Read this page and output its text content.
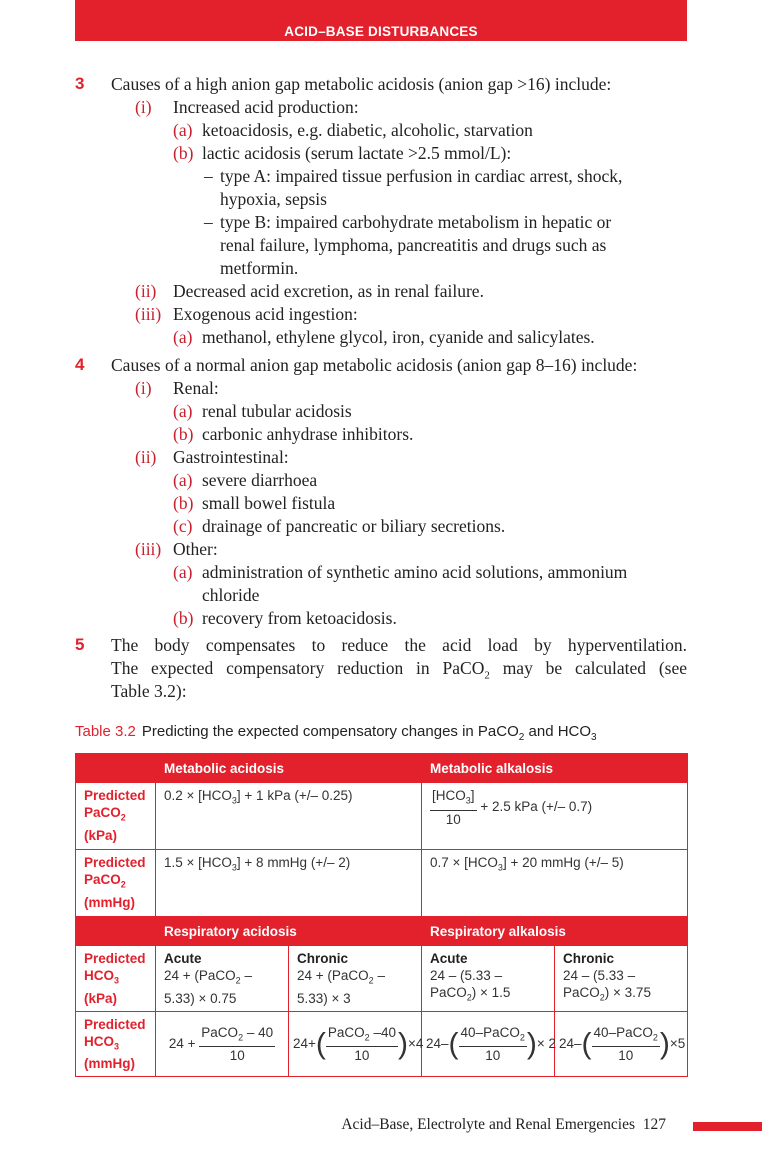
ACID–BASE DISTURBANCES
3 Causes of a high anion gap metabolic acidosis (anion gap >16) include:
(i) Increased acid production:
(a) ketoacidosis, e.g. diabetic, alcoholic, starvation
(b) lactic acidosis (serum lactate >2.5 mmol/L):
– type A: impaired tissue perfusion in cardiac arrest, shock,
hypoxia, sepsis
– type B: impaired carbohydrate metabolism in hepatic or
renal failure, lymphoma, pancreatitis and drugs such as
metformin.
(ii) Decreased acid excretion, as in renal failure.
(iii) Exogenous acid ingestion:
(a) methanol, ethylene glycol, iron, cyanide and salicylates.
4 Causes of a normal anion gap metabolic acidosis (anion gap 8–16) include:
(i) Renal:
(a) renal tubular acidosis
(b) carbonic anhydrase inhibitors.
(ii) Gastrointestinal:
(a) severe diarrhoea
(b) small bowel fistula
(c) drainage of pancreatic or biliary secretions.
(iii) Other:
(a) administration of synthetic amino acid solutions, ammonium
chloride
(b) recovery from ketoacidosis.
5 The body compensates to reduce the acid load by hyperventilation.
The expected compensatory reduction in PaCO$_2$ may be calculated (see
Table 3.2):
Table 3.2 Predicting the expected compensatory changes in PaCO$_2$ and $HCO_3$
	Metabolic acidosis		Metabolic alkalosis	
Predicted PaCO$_2$
(kPa)	$0.2 \times [HCO_3] + 1$ kPa (+/– 0.25)		$\frac{[HCO_3]}{10} + 2.5$ kPa (+/– 0.7)	
Predicted PaCO$_2$
(mmHg)	$1.5 \times [HCO_3] + 8$ mmHg (+/– 2)		$0.7 \times [HCO_3] + 20$ mmHg (+/– 5)	
	Respiratory acidosis		Respiratory alkalosis	
Predicted $HCO_3$
(kPa)	Acute
24 + (PaCO$_2$ –
5.33) × 0.75	Chronic
24 + (PaCO$_2$ –
5.33) × 3	Acute
24 – (5.33 –
PaCO$_2$) × 1.5	Chronic
24 – (5.33 –
PaCO$_2$) × 3.75
Predicted $HCO_3$
(mmHg)	$24 + \frac{PaCO_2 - 40}{10}$	$24+( \frac{PaCO_2 -40}{10} )\times 4$	$24-( \frac{40-PaCO_2}{10}$ )× 2	$24-( \frac{40-PaCO_2}{10} )\times 5$
Acid–Base, Electrolyte and Renal Emergencies 127
